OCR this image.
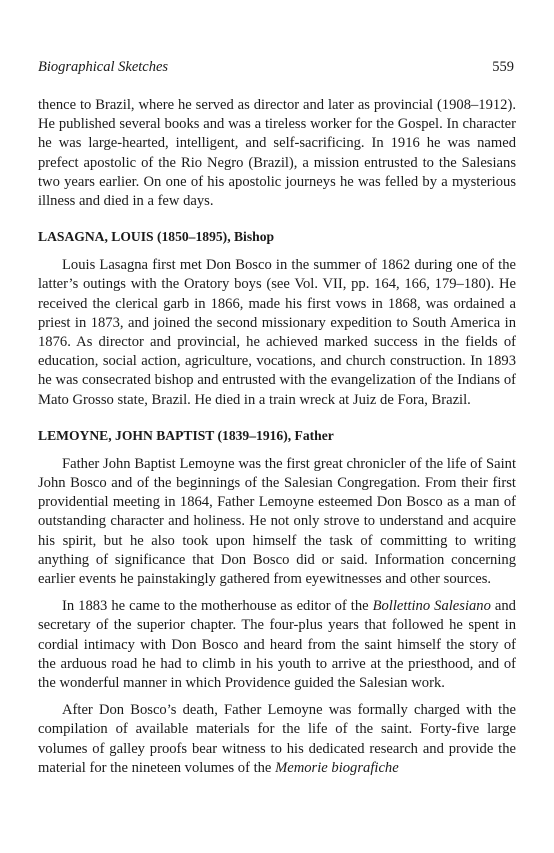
Biographical Sketches	559

thence to Brazil, where he served as director and later as provincial (1908–1912). He published several books and was a tireless worker for the Gospel. In character he was large-hearted, intelligent, and self-sacrificing. In 1916 he was named prefect apostolic of the Rio Negro (Brazil), a mission entrusted to the Salesians two years earlier. On one of his apostolic journeys he was felled by a mysterious illness and died in a few days.

LASAGNA, LOUIS (1850–1895), Bishop

Louis Lasagna first met Don Bosco in the summer of 1862 during one of the latter’s outings with the Oratory boys (see Vol. VII, pp. 164, 166, 179–180). He received the clerical garb in 1866, made his first vows in 1868, was ordained a priest in 1873, and joined the second missionary expedition to South America in 1876. As director and provincial, he achieved marked success in the fields of education, social action, agriculture, vocations, and church construction. In 1893 he was consecrated bishop and entrusted with the evangelization of the Indians of Mato Grosso state, Brazil. He died in a train wreck at Juiz de Fora, Brazil.

LEMOYNE, JOHN BAPTIST (1839–1916), Father

Father John Baptist Lemoyne was the first great chronicler of the life of Saint John Bosco and of the beginnings of the Salesian Congregation. From their first providential meeting in 1864, Father Lemoyne esteemed Don Bosco as a man of outstanding character and holiness. He not only strove to understand and acquire his spirit, but he also took upon himself the task of committing to writing anything of significance that Don Bosco did or said. Information concerning earlier events he painstakingly gathered from eyewitnesses and other sources.

In 1883 he came to the motherhouse as editor of the Bollettino Salesiano and secretary of the superior chapter. The four-plus years that followed he spent in cordial intimacy with Don Bosco and heard from the saint himself the story of the arduous road he had to climb in his youth to arrive at the priesthood, and of the wonderful manner in which Providence guided the Salesian work.

After Don Bosco’s death, Father Lemoyne was formally charged with the compilation of available materials for the life of the saint. Forty-five large volumes of galley proofs bear witness to his dedicated research and provide the material for the nineteen volumes of the Memorie biografiche
